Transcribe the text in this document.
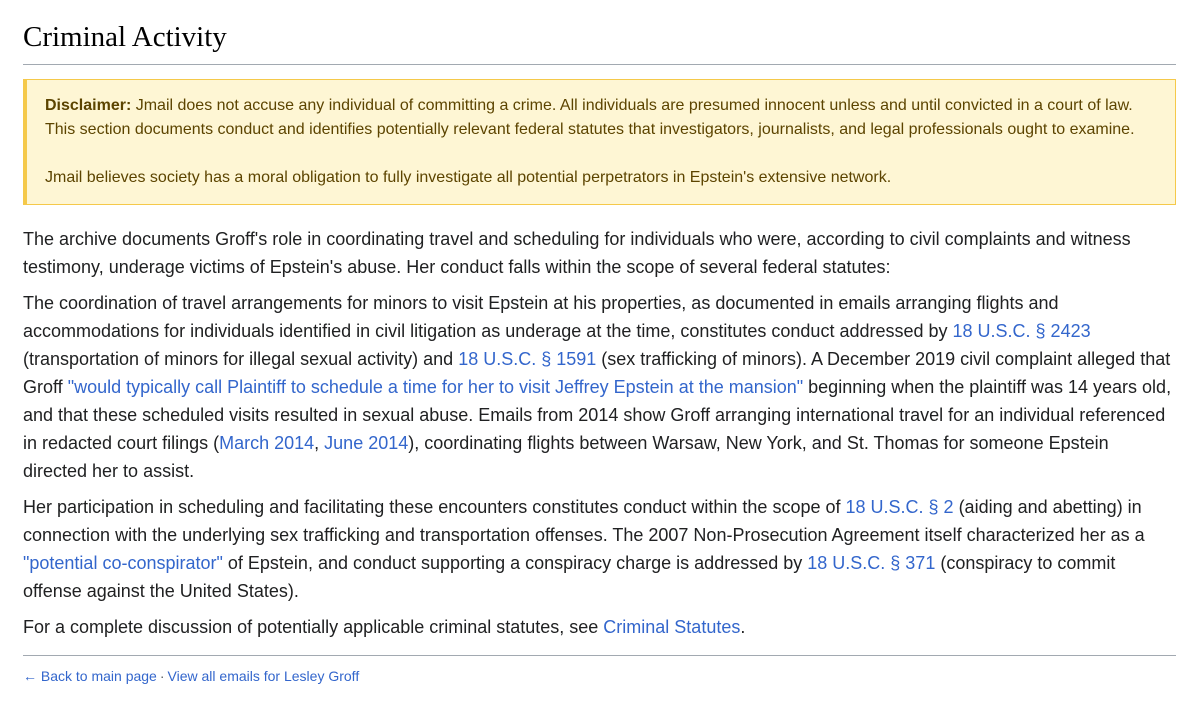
Criminal Activity

Disclaimer: Jmail does not accuse any individual of committing a crime. All individuals are presumed innocent unless and until convicted in a court of law. This section documents conduct and identifies potentially relevant federal statutes that investigators, journalists, and legal professionals ought to examine.

Jmail believes society has a moral obligation to fully investigate all potential perpetrators in Epstein's extensive network.

The archive documents Groff's role in coordinating travel and scheduling for individuals who were, according to civil complaints and witness testimony, underage victims of Epstein's abuse. Her conduct falls within the scope of several federal statutes:

The coordination of travel arrangements for minors to visit Epstein at his properties, as documented in emails arranging flights and accommodations for individuals identified in civil litigation as underage at the time, constitutes conduct addressed by 18 U.S.C. § 2423 (transportation of minors for illegal sexual activity) and 18 U.S.C. § 1591 (sex trafficking of minors). A December 2019 civil complaint alleged that Groff "would typically call Plaintiff to schedule a time for her to visit Jeffrey Epstein at the mansion" beginning when the plaintiff was 14 years old, and that these scheduled visits resulted in sexual abuse. Emails from 2014 show Groff arranging international travel for an individual referenced in redacted court filings (March 2014, June 2014), coordinating flights between Warsaw, New York, and St. Thomas for someone Epstein directed her to assist.

Her participation in scheduling and facilitating these encounters constitutes conduct within the scope of 18 U.S.C. § 2 (aiding and abetting) in connection with the underlying sex trafficking and transportation offenses. The 2007 Non-Prosecution Agreement itself characterized her as a "potential co-conspirator" of Epstein, and conduct supporting a conspiracy charge is addressed by 18 U.S.C. § 371 (conspiracy to commit offense against the United States).

For a complete discussion of potentially applicable criminal statutes, see Criminal Statutes.

← Back to main page · View all emails for Lesley Groff
